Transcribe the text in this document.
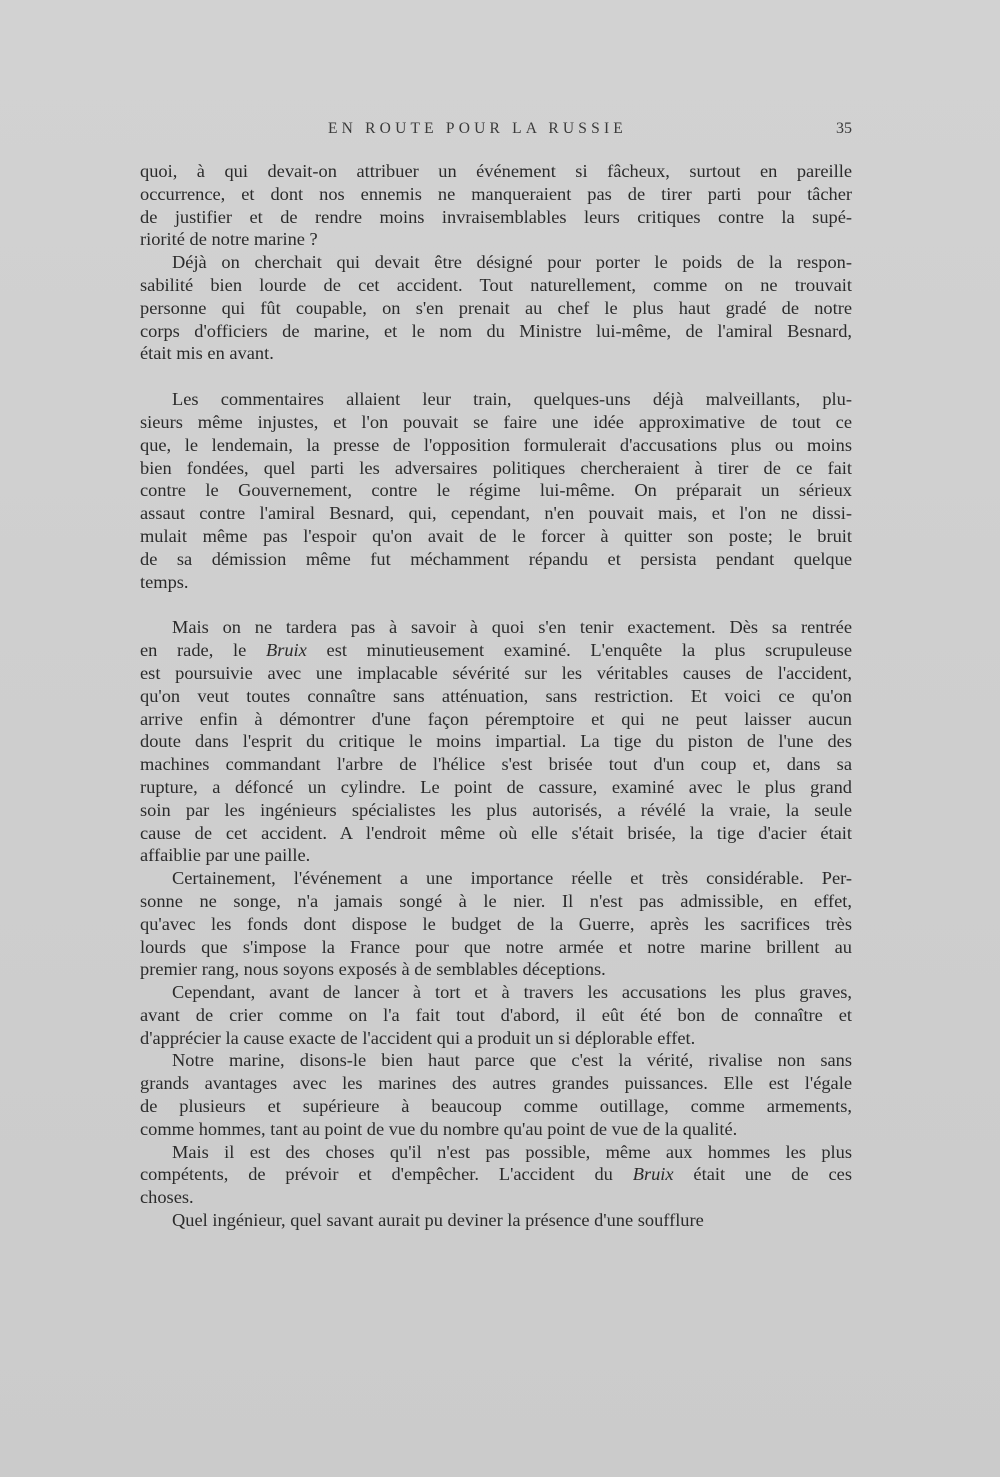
EN ROUTE POUR LA RUSSIE	35
quoi, à qui devait-on attribuer un événement si fâcheux, surtout en pareille
occurrence, et dont nos ennemis ne manqueraient pas de tirer parti pour tâcher
de justifier et de rendre moins invraisemblables leurs critiques contre la supé-
riorité de notre marine ?
Déjà on cherchait qui devait être désigné pour porter le poids de la respon-
sabilité bien lourde de cet accident. Tout naturellement, comme on ne trouvait
personne qui fût coupable, on s'en prenait au chef le plus haut gradé de notre
corps d'officiers de marine, et le nom du Ministre lui-même, de l'amiral Besnard,
était mis en avant.
Les commentaires allaient leur train, quelques-uns déjà malveillants, plu-
sieurs même injustes, et l'on pouvait se faire une idée approximative de tout ce
que, le lendemain, la presse de l'opposition formulerait d'accusations plus ou moins
bien fondées, quel parti les adversaires politiques chercheraient à tirer de ce fait
contre le Gouvernement, contre le régime lui-même. On préparait un sérieux
assaut contre l'amiral Besnard, qui, cependant, n'en pouvait mais, et l'on ne dissi-
mulait même pas l'espoir qu'on avait de le forcer à quitter son poste; le bruit
de sa démission même fut méchamment répandu et persista pendant quelque
temps.
Mais on ne tardera pas à savoir à quoi s'en tenir exactement. Dès sa rentrée
en rade, le Bruix est minutieusement examiné. L'enquête la plus scrupuleuse
est poursuivie avec une implacable sévérité sur les véritables causes de l'accident,
qu'on veut toutes connaître sans atténuation, sans restriction. Et voici ce qu'on
arrive enfin à démontrer d'une façon péremptoire et qui ne peut laisser aucun
doute dans l'esprit du critique le moins impartial. La tige du piston de l'une des
machines commandant l'arbre de l'hélice s'est brisée tout d'un coup et, dans sa
rupture, a défoncé un cylindre. Le point de cassure, examiné avec le plus grand
soin par les ingénieurs spécialistes les plus autorisés, a révélé la vraie, la seule
cause de cet accident. A l'endroit même où elle s'était brisée, la tige d'acier était
affaiblie par une paille.
Certainement, l'événement a une importance réelle et très considérable. Per-
sonne ne songe, n'a jamais songé à le nier. Il n'est pas admissible, en effet,
qu'avec les fonds dont dispose le budget de la Guerre, après les sacrifices très
lourds que s'impose la France pour que notre armée et notre marine brillent au
premier rang, nous soyons exposés à de semblables déceptions.
Cependant, avant de lancer à tort et à travers les accusations les plus graves,
avant de crier comme on l'a fait tout d'abord, il eût été bon de connaître et
d'apprécier la cause exacte de l'accident qui a produit un si déplorable effet.
Notre marine, disons-le bien haut parce que c'est la vérité, rivalise non sans
grands avantages avec les marines des autres grandes puissances. Elle est l'égale
de plusieurs et supérieure à beaucoup comme outillage, comme armements,
comme hommes, tant au point de vue du nombre qu'au point de vue de la qualité.
Mais il est des choses qu'il n'est pas possible, même aux hommes les plus
compétents, de prévoir et d'empêcher. L'accident du Bruix était une de ces
choses.
Quel ingénieur, quel savant aurait pu deviner la présence d'une soufflure
